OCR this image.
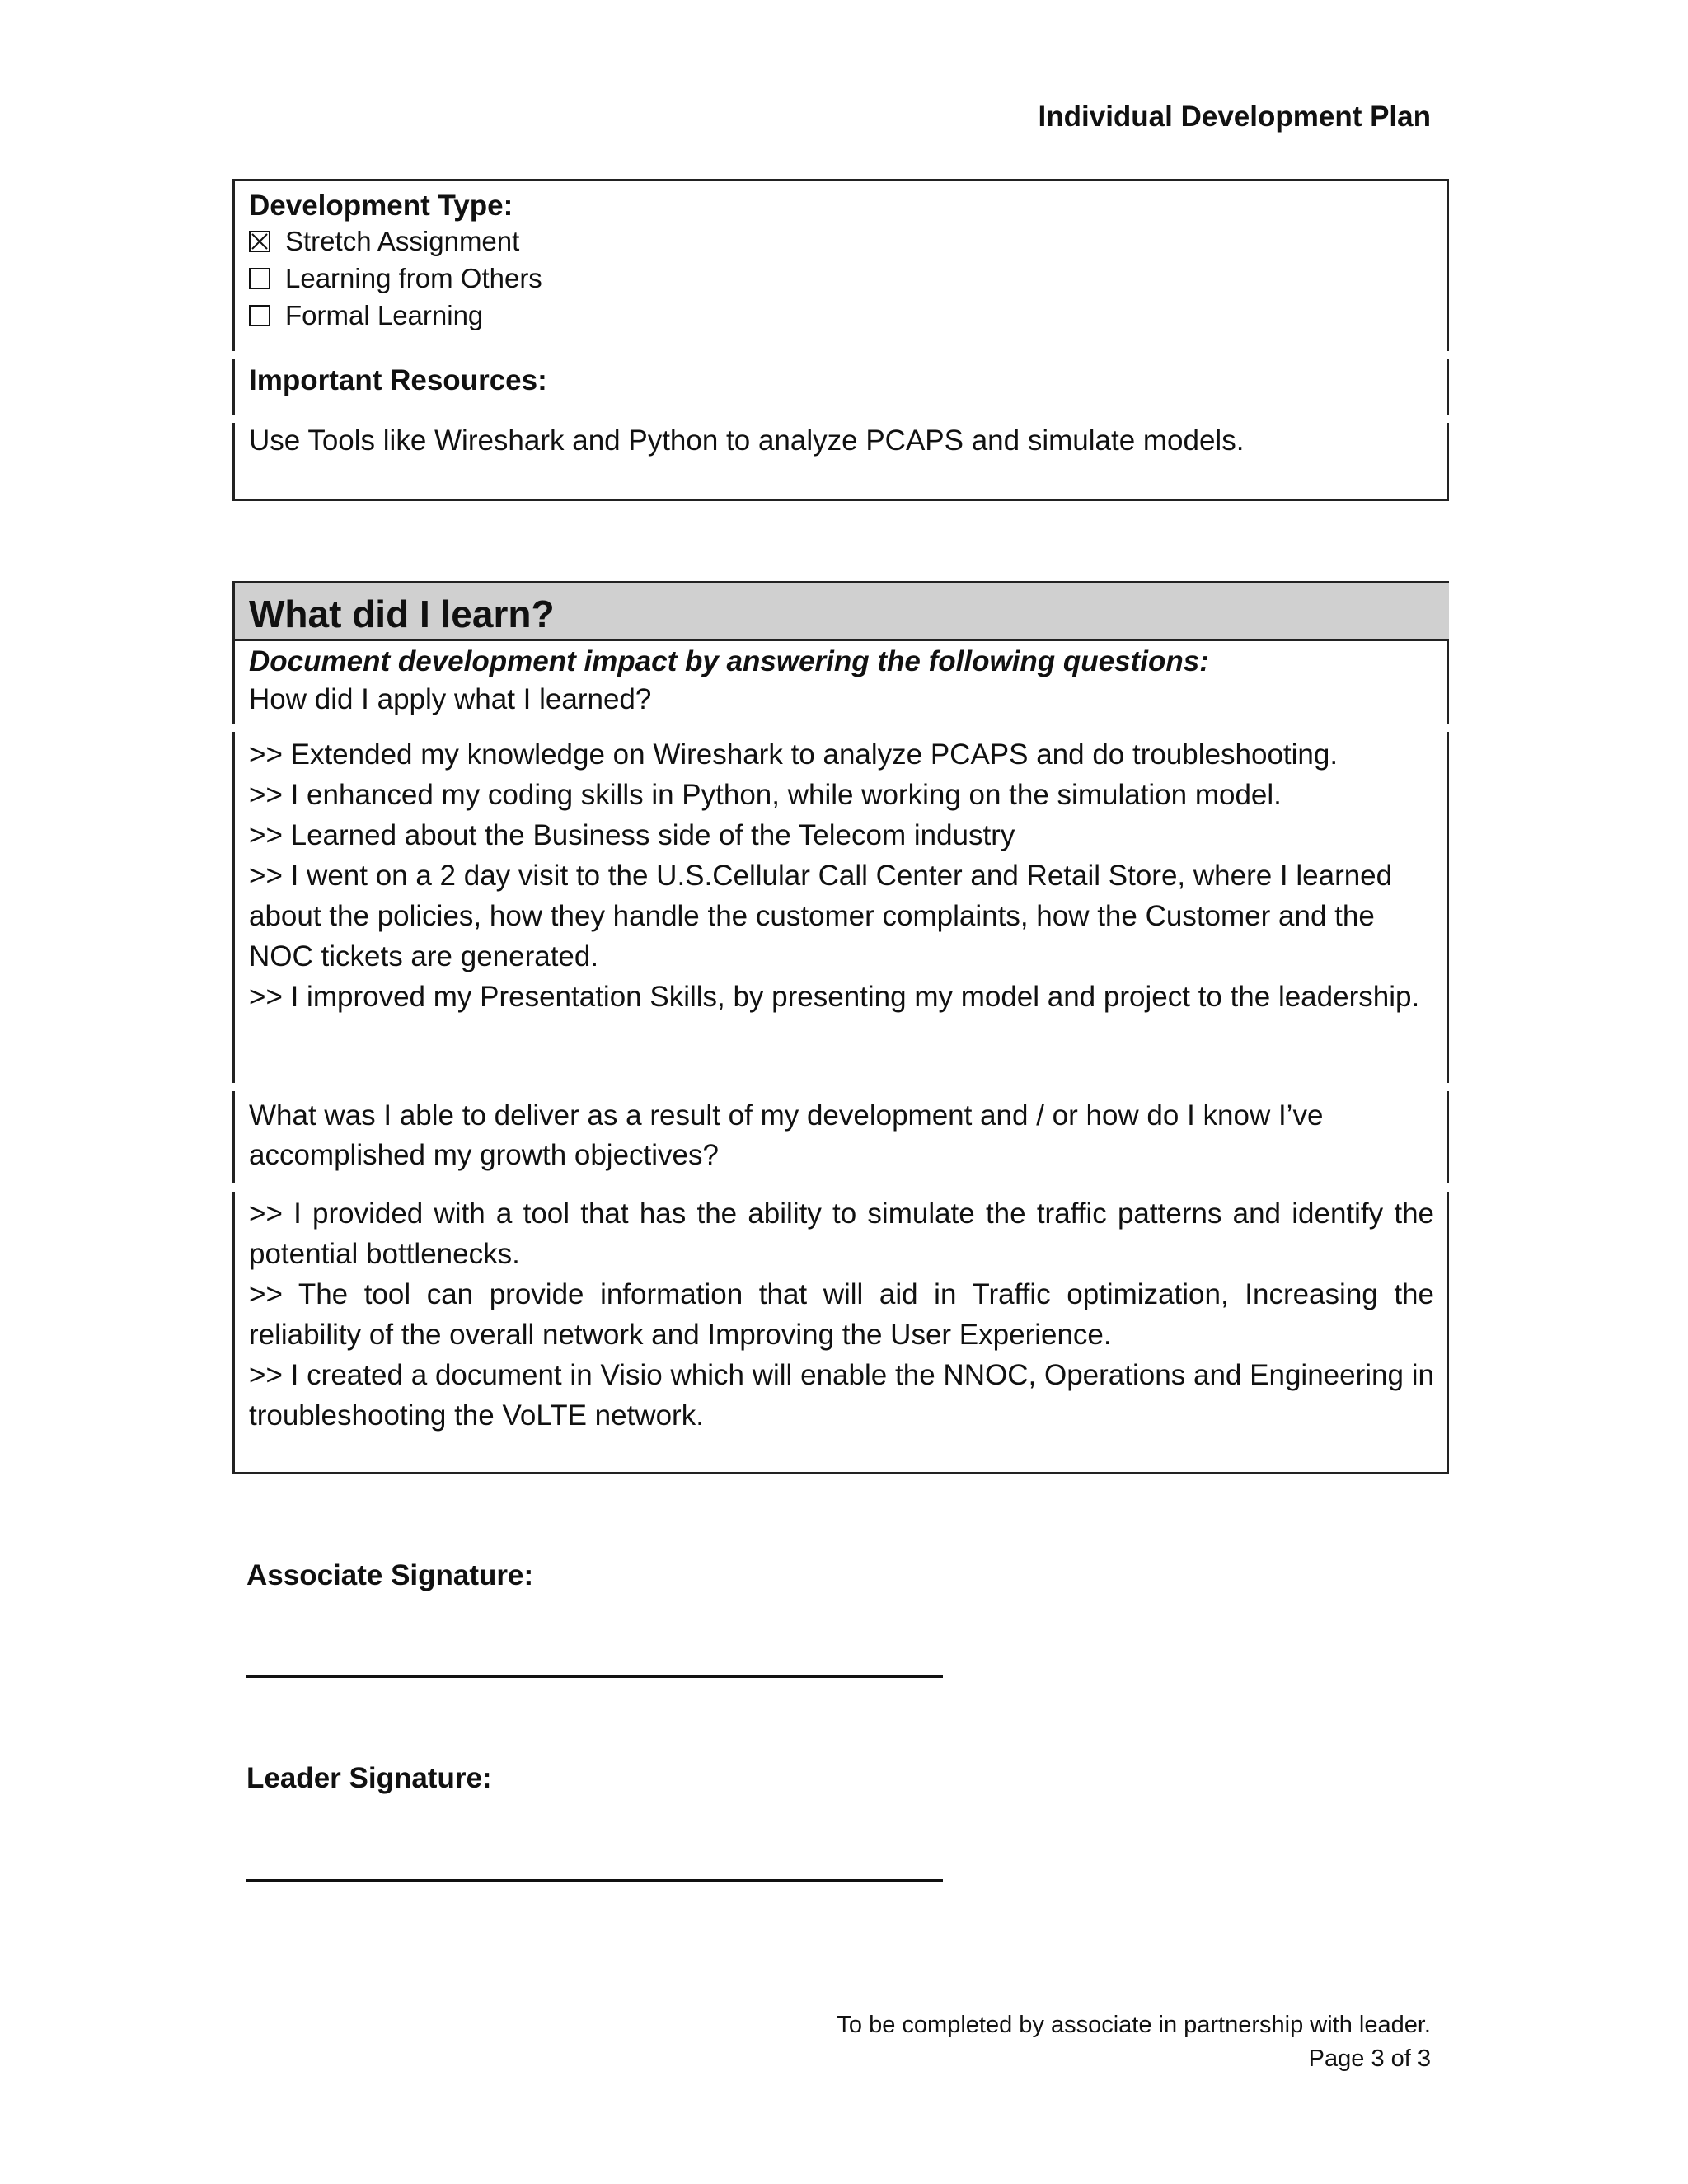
Individual Development Plan
Development Type:
Stretch Assignment
Learning from Others
Formal Learning
Important Resources:
Use Tools like Wireshark and Python to analyze PCAPS and simulate models.
What did I learn?
Document development impact by answering the following questions:
How did I apply what I learned?

>> Extended my knowledge on Wireshark to analyze PCAPS and do troubleshooting.

>> I enhanced my coding skills in Python, while working on the simulation model.

>> Learned about the Business side of the Telecom industry

>> I went on a 2 day visit to the U.S.Cellular Call Center and Retail Store, where I learned about the policies, how they handle the customer complaints, how the Customer and the NOC tickets are generated.

>> I improved my Presentation Skills, by presenting my model and project to the leadership.

What was I able to deliver as a result of my development and / or how do I know I’ve accomplished my growth objectives?

>> I provided with a tool that has the ability to simulate the traffic patterns and identify the potential bottlenecks.

>> The tool can provide information that will aid in Traffic optimization, Increasing the reliability of the overall network and Improving the User Experience.

>> I created a document in Visio which will enable the NNOC, Operations and Engineering in troubleshooting the VoLTE network.

Associate Signature:
Leader Signature:
To be completed by associate in partnership with leader.
Page 3 of 3
